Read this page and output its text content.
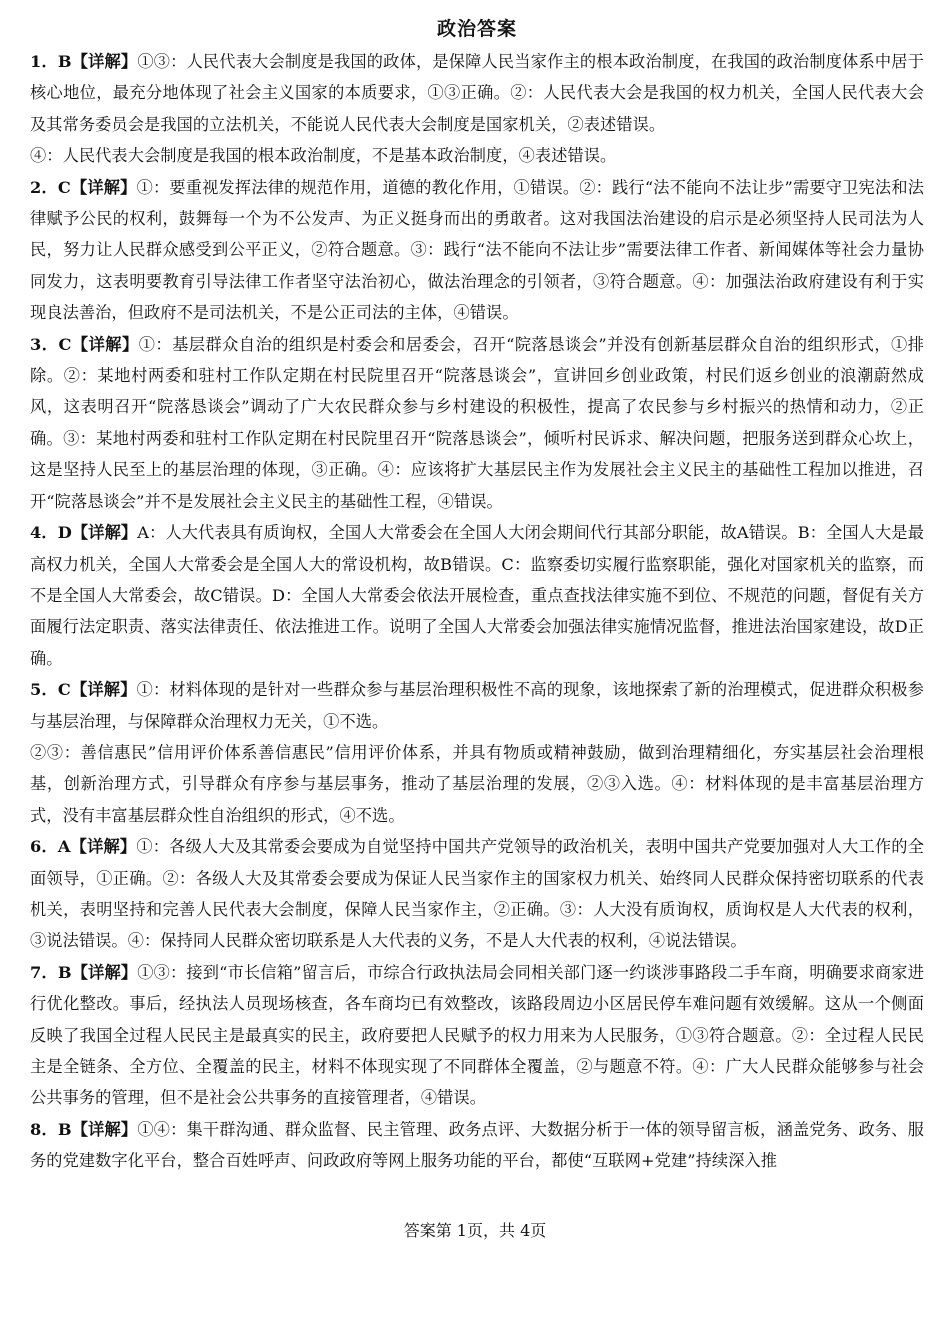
政治答案

1．B【详解】①③：人民代表大会制度是我国的政体，是保障人民当家作主的根本政治制度，在我国的政治制度体系中居于核心地位，最充分地体现了社会主义国家的本质要求，①③正确。②：人民代表大会是我国的权力机关，全国人民代表大会及其常务委员会是我国的立法机关，不能说人民代表大会制度是国家机关，②表述错误。

④：人民代表大会制度是我国的根本政治制度，不是基本政治制度，④表述错误。

2．C【详解】①：要重视发挥法律的规范作用，道德的教化作用，①错误。②：践行“法不能向不法让步”需要守卫宪法和法律赋予公民的权利，鼓舞每一个为不公发声、为正义挺身而出的勇敢者。这对我国法治建设的启示是必须坚持人民司法为人民，努力让人民群众感受到公平正义，②符合题意。③：践行“法不能向不法让步”需要法律工作者、新闻媒体等社会力量协同发力，这表明要教育引导法律工作者坚守法治初心，做法治理念的引领者，③符合题意。④：加强法治政府建设有利于实现良法善治，但政府不是司法机关，不是公正司法的主体，④错误。

3．C【详解】①：基层群众自治的组织是村委会和居委会，召开“院落恳谈会”并没有创新基层群众自治的组织形式，①排除。②：某地村两委和驻村工作队定期在村民院里召开“院落恳谈会”，宣讲回乡创业政策，村民们返乡创业的浪潮蔚然成风，这表明召开“院落恳谈会”调动了广大农民群众参与乡村建设的积极性，提高了农民参与乡村振兴的热情和动力，②正确。③：某地村两委和驻村工作队定期在村民院里召开“院落恳谈会”，倾听村民诉求、解决问题，把服务送到群众心坎上，这是坚持人民至上的基层治理的体现，③正确。④：应该将扩大基层民主作为发展社会主义民主的基础性工程加以推进，召开“院落恳谈会”并不是发展社会主义民主的基础性工程，④错误。

4．D【详解】A：人大代表具有质询权，全国人大常委会在全国人大闭会期间代行其部分职能，故A错误。B：全国人大是最高权力机关，全国人大常委会是全国人大的常设机构，故B错误。C：监察委切实履行监察职能，强化对国家机关的监察，而不是全国人大常委会，故C错误。D：全国人大常委会依法开展检查，重点查找法律实施不到位、不规范的问题，督促有关方面履行法定职责、落实法律责任、依法推进工作。说明了全国人大常委会加强法律实施情况监督，推进法治国家建设，故D正确。

5．C【详解】①：材料体现的是针对一些群众参与基层治理积极性不高的现象，该地探索了新的治理模式，促进群众积极参与基层治理，与保障群众治理权力无关，①不选。

②③：善信惠民”信用评价体系善信惠民”信用评价体系，并具有物质或精神鼓励，做到治理精细化，夯实基层社会治理根基，创新治理方式，引导群众有序参与基层事务，推动了基层治理的发展，②③入选。④：材料体现的是丰富基层治理方式，没有丰富基层群众性自治组织的形式，④不选。

6．A【详解】①：各级人大及其常委会要成为自觉坚持中国共产党领导的政治机关，表明中国共产党要加强对人大工作的全面领导，①正确。②：各级人大及其常委会要成为保证人民当家作主的国家权力机关、始终同人民群众保持密切联系的代表机关，表明坚持和完善人民代表大会制度，保障人民当家作主，②正确。③：人大没有质询权，质询权是人大代表的权利，③说法错误。④：保持同人民群众密切联系是人大代表的义务，不是人大代表的权利，④说法错误。

7．B【详解】①③：接到“市长信箱”留言后，市综合行政执法局会同相关部门逐一约谈涉事路段二手车商，明确要求商家进行优化整改。事后，经执法人员现场核查，各车商均已有效整改，该路段周边小区居民停车难问题有效缓解。这从一个侧面反映了我国全过程人民民主是最真实的民主，政府要把人民赋予的权力用来为人民服务，①③符合题意。②：全过程人民民主是全链条、全方位、全覆盖的民主，材料不体现实现了不同群体全覆盖，②与题意不符。④：广大人民群众能够参与社会公共事务的管理，但不是社会公共事务的直接管理者，④错误。

8．B【详解】①④：集干群沟通、群众监督、民主管理、政务点评、大数据分析于一体的领导留言板，涵盖党务、政务、服务的党建数字化平台，整合百姓呼声、问政政府等网上服务功能的平台，都使“互联网+党建”持续深入推

答案第 1页，共 4页
